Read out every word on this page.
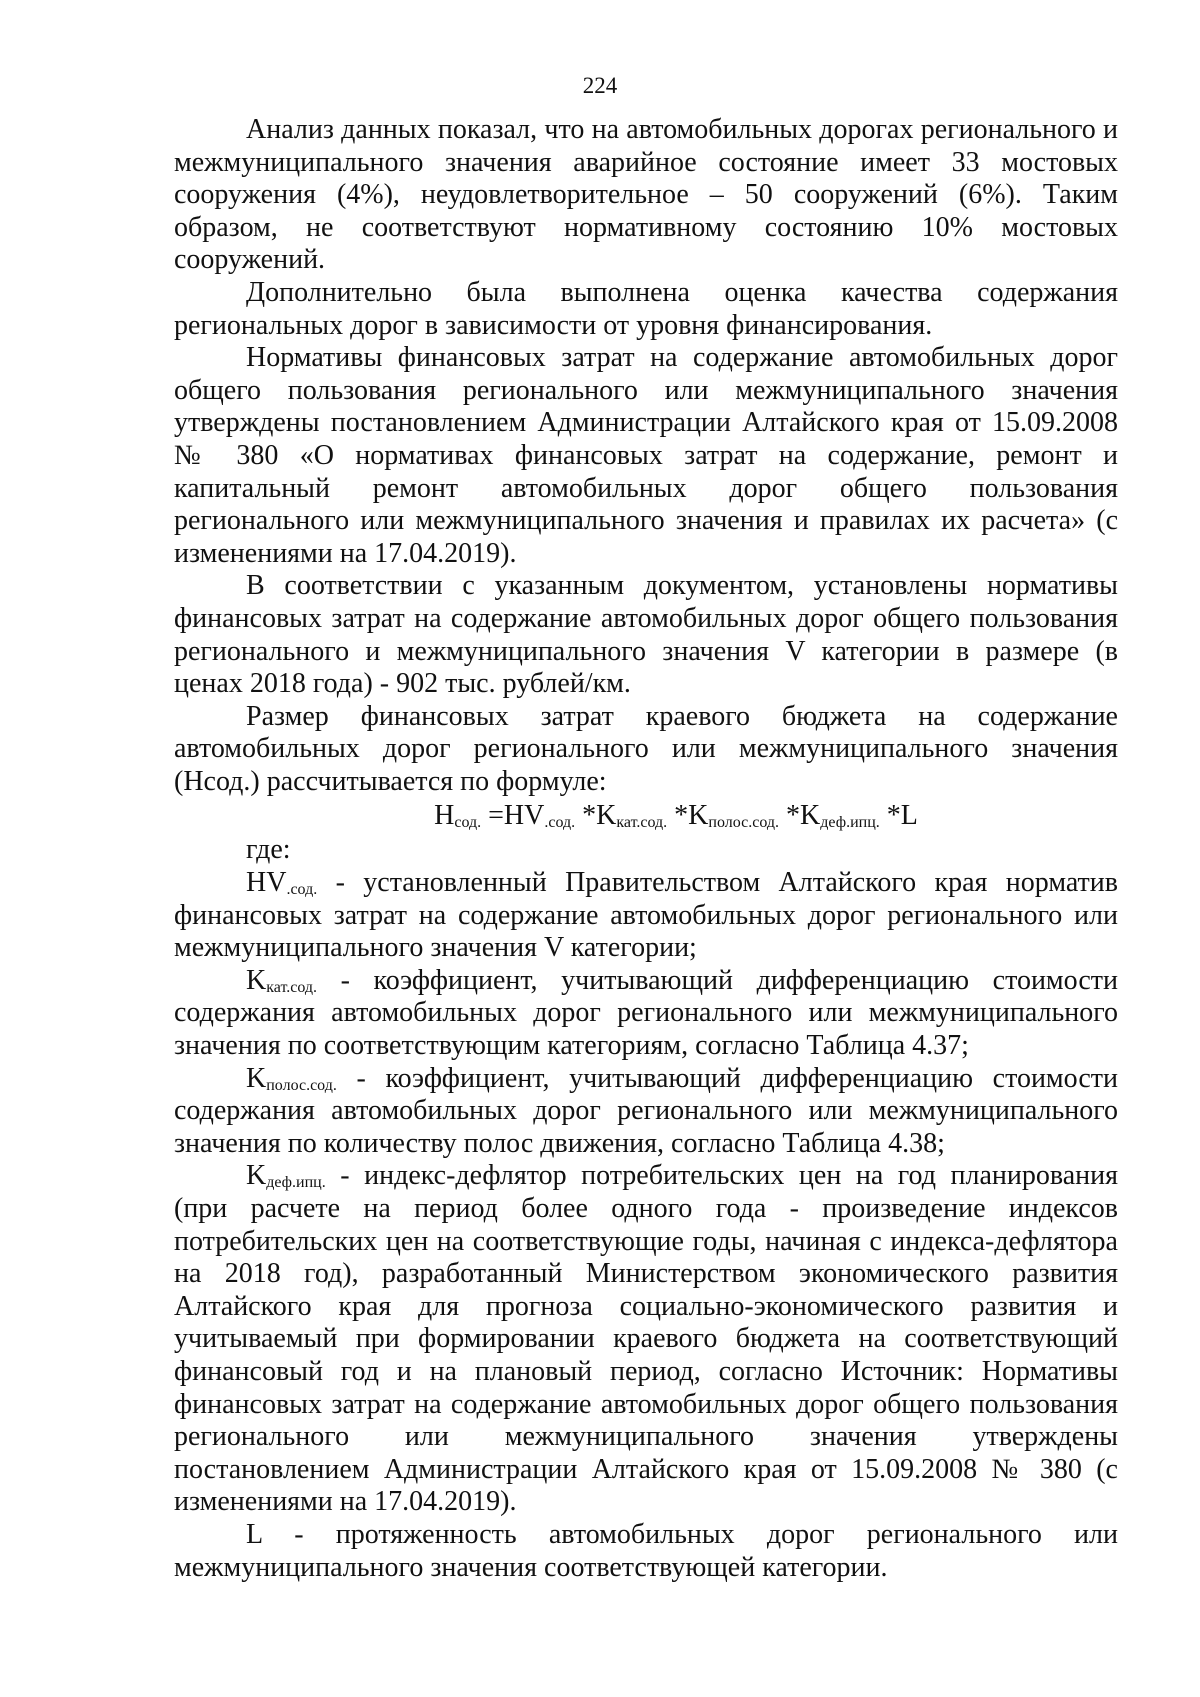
224

Анализ данных показал, что на автомобильных дорогах регионального и межмуниципального значения аварийное состояние имеет 33 мостовых сооружения (4%), неудовлетворительное – 50 сооружений (6%). Таким образом, не соответствуют нормативному состоянию 10% мостовых сооружений.

Дополнительно была выполнена оценка качества содержания региональных дорог в зависимости от уровня финансирования.

Нормативы финансовых затрат на содержание автомобильных дорог общего пользования регионального или межмуниципального значения утверждены постановлением Администрации Алтайского края от 15.09.2008 № 380 «О нормативах финансовых затрат на содержание, ремонт и капитальный ремонт автомобильных дорог общего пользования регионального или межмуниципального значения и правилах их расчета» (с изменениями на 17.04.2019).

В соответствии с указанным документом, установлены нормативы финансовых затрат на содержание автомобильных дорог общего пользования регионального и межмуниципального значения V категории в размере (в ценах 2018 года) - 902 тыс. рублей/км.

Размер финансовых затрат краевого бюджета на содержание автомобильных дорог регионального или межмуниципального значения (Нсод.) рассчитывается по формуле:

$Н_{сод.} =HV_{.сод.}$ $*K_{кат.сод.}$ $*K_{полос.сод.}$ $*K_{деф.ипц.}$ *L

где:

$HV_{.сод.}$ - установленный Правительством Алтайского края норматив финансовых затрат на содержание автомобильных дорог регионального или межмуниципального значения V категории;

$K_{кат.сод.}$ - коэффициент, учитывающий дифференциацию стоимости содержания автомобильных дорог регионального или межмуниципального значения по соответствующим категориям, согласно Таблица 4.37;

$K_{полос.сод.}$ - коэффициент, учитывающий дифференциацию стоимости содержания автомобильных дорог регионального или межмуниципального значения по количеству полос движения, согласно Таблица 4.38;

$K_{деф.ипц.}$ - индекс-дефлятор потребительских цен на год планирования (при расчете на период более одного года - произведение индексов потребительских цен на соответствующие годы, начиная с индекса-дефлятора на 2018 год), разработанный Министерством экономического развития Алтайского края для прогноза социально-экономического развития и учитываемый при формировании краевого бюджета на соответствующий финансовый год и на плановый период, согласно Источник: Нормативы финансовых затрат на содержание автомобильных дорог общего пользования регионального или межмуниципального значения утверждены постановлением Администрации Алтайского края от 15.09.2008 № 380 (с изменениями на 17.04.2019).

L - протяженность автомобильных дорог регионального или межмуниципального значения соответствующей категории.
